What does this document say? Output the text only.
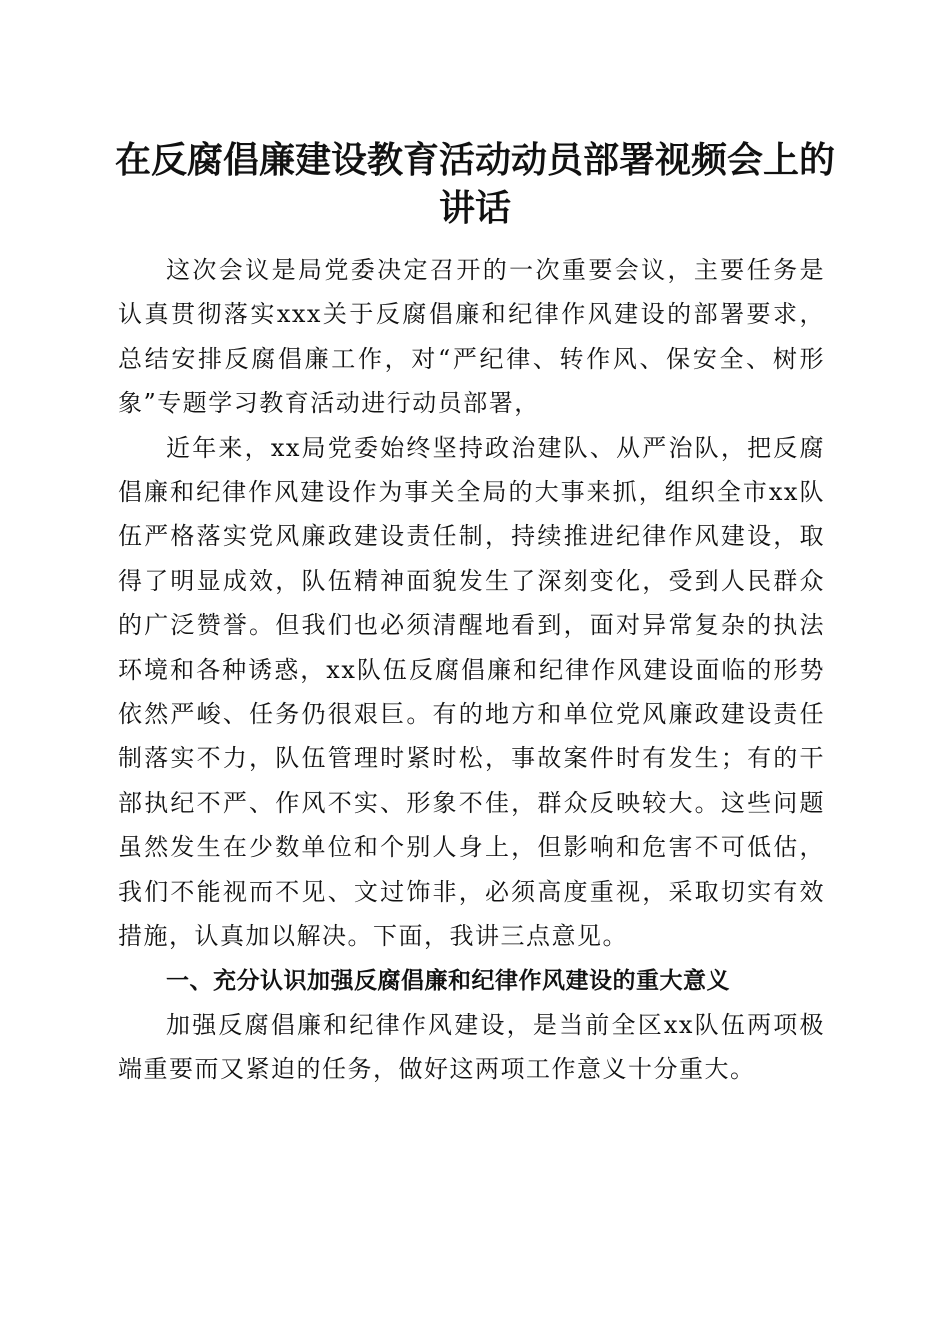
在反腐倡廉建设教育活动动员部署视频会上的
讲话

这次会议是局党委决定召开的一次重要会议，主要任务是认真贯彻落实xxx关于反腐倡廉和纪律作风建设的部署要求，总结安排反腐倡廉工作，对“严纪律、转作风、保安全、树形象”专题学习教育活动进行动员部署，

近年来，xx局党委始终坚持政治建队、从严治队，把反腐倡廉和纪律作风建设作为事关全局的大事来抓，组织全市xx队伍严格落实党风廉政建设责任制，持续推进纪律作风建设，取得了明显成效，队伍精神面貌发生了深刻变化，受到人民群众的广泛赞誉。但我们也必须清醒地看到，面对异常复杂的执法环境和各种诱惑，xx队伍反腐倡廉和纪律作风建设面临的形势依然严峻、任务仍很艰巨。有的地方和单位党风廉政建设责任制落实不力，队伍管理时紧时松，事故案件时有发生；有的干部执纪不严、作风不实、形象不佳，群众反映较大。这些问题虽然发生在少数单位和个别人身上，但影响和危害不可低估，我们不能视而不见、文过饰非，必须高度重视，采取切实有效措施，认真加以解决。下面，我讲三点意见。

一、充分认识加强反腐倡廉和纪律作风建设的重大意义

加强反腐倡廉和纪律作风建设，是当前全区xx队伍两项极端重要而又紧迫的任务，做好这两项工作意义十分重大。
